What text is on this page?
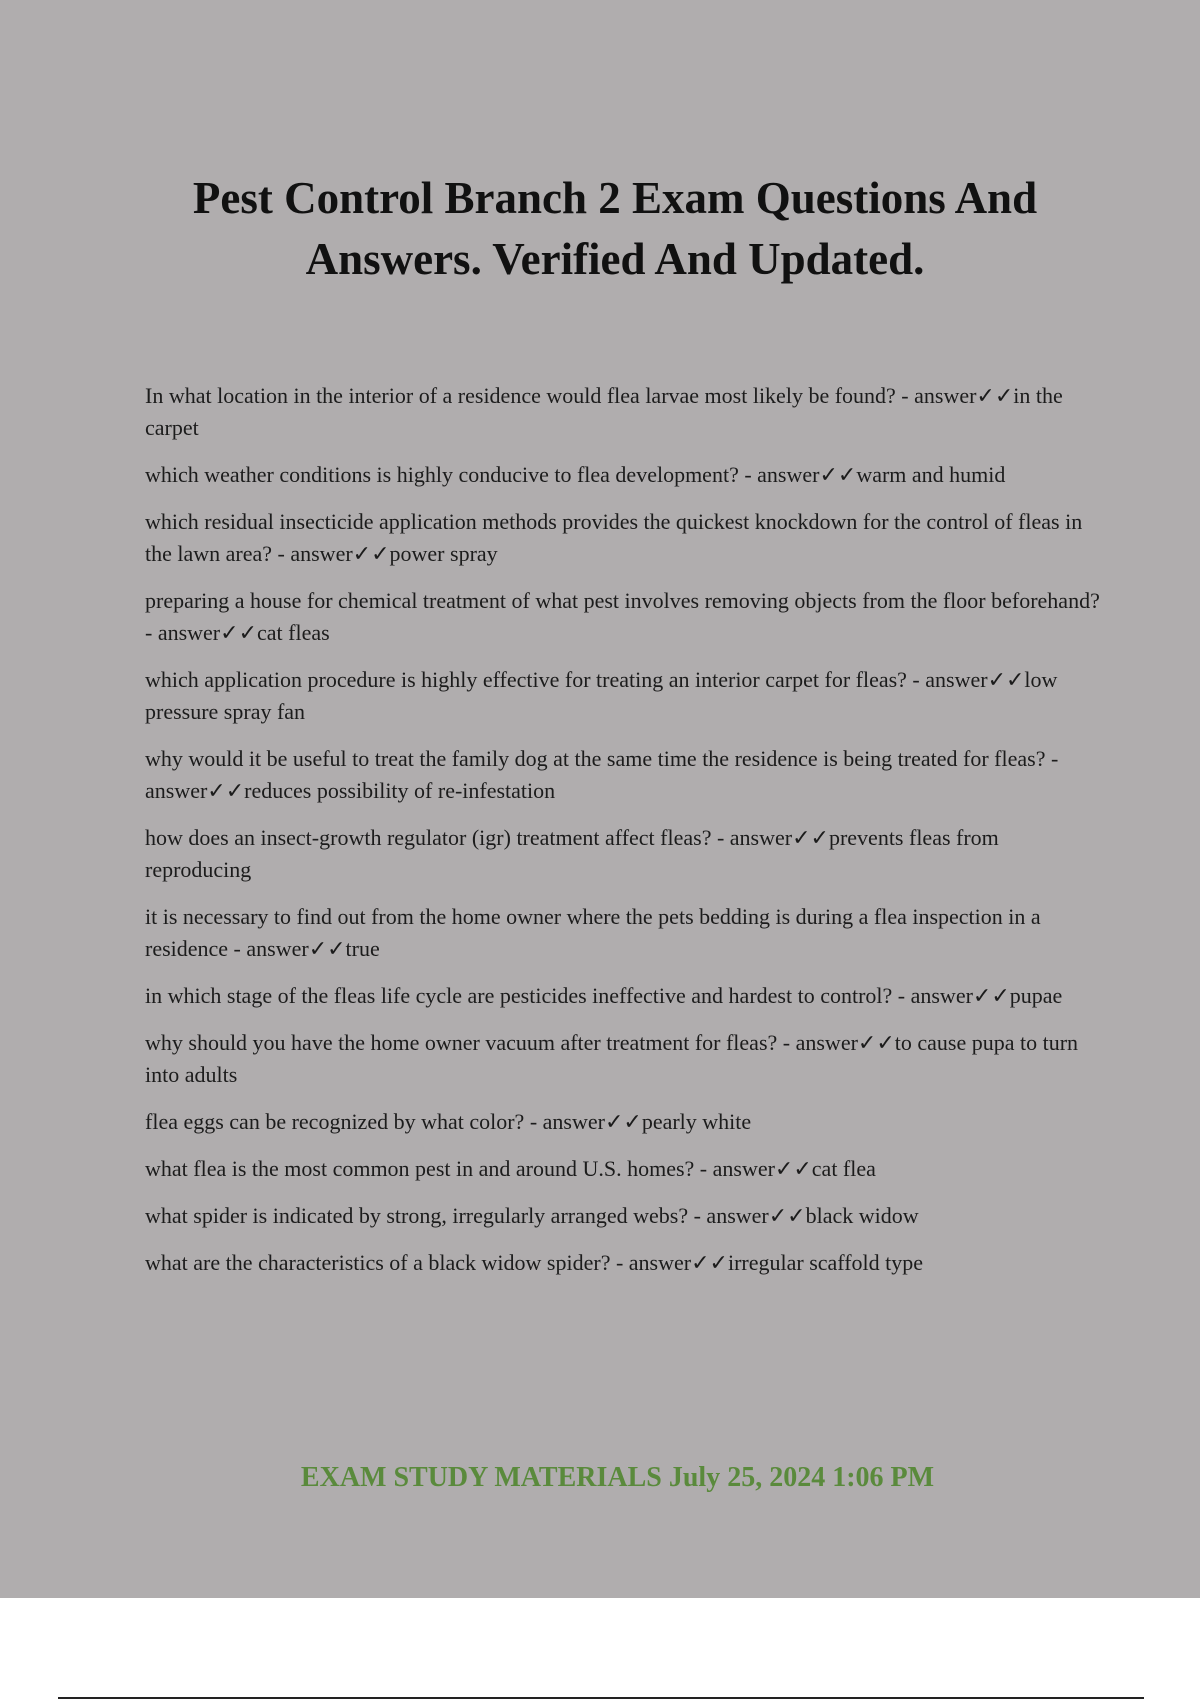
Pest Control Branch 2 Exam Questions And Answers. Verified And Updated.
In what location in the interior of a residence would flea larvae most likely be found? - answer✓✓in the carpet
which weather conditions is highly conducive to flea development? - answer✓✓warm and humid
which residual insecticide application methods provides the quickest knockdown for the control of fleas in the lawn area? - answer✓✓power spray
preparing a house for chemical treatment of what pest involves removing objects from the floor beforehand? - answer✓✓cat fleas
which application procedure is highly effective for treating an interior carpet for fleas? - answer✓✓low pressure spray fan
why would it be useful to treat the family dog at the same time the residence is being treated for fleas? - answer✓✓reduces possibility of re-infestation
how does an insect-growth regulator (igr) treatment affect fleas? - answer✓✓prevents fleas from reproducing
it is necessary to find out from the home owner where the pets bedding is during a flea inspection in a residence - answer✓✓true
in which stage of the fleas life cycle are pesticides ineffective and hardest to control? - answer✓✓pupae
why should you have the home owner vacuum after treatment for fleas? - answer✓✓to cause pupa to turn into adults
flea eggs can be recognized by what color? - answer✓✓pearly white
what flea is the most common pest in and around U.S. homes? - answer✓✓cat flea
what spider is indicated by strong, irregularly arranged webs? - answer✓✓black widow
what are the characteristics of a black widow spider? - answer✓✓irregular scaffold type
EXAM STUDY MATERIALS July 25, 2024 1:06 PM
